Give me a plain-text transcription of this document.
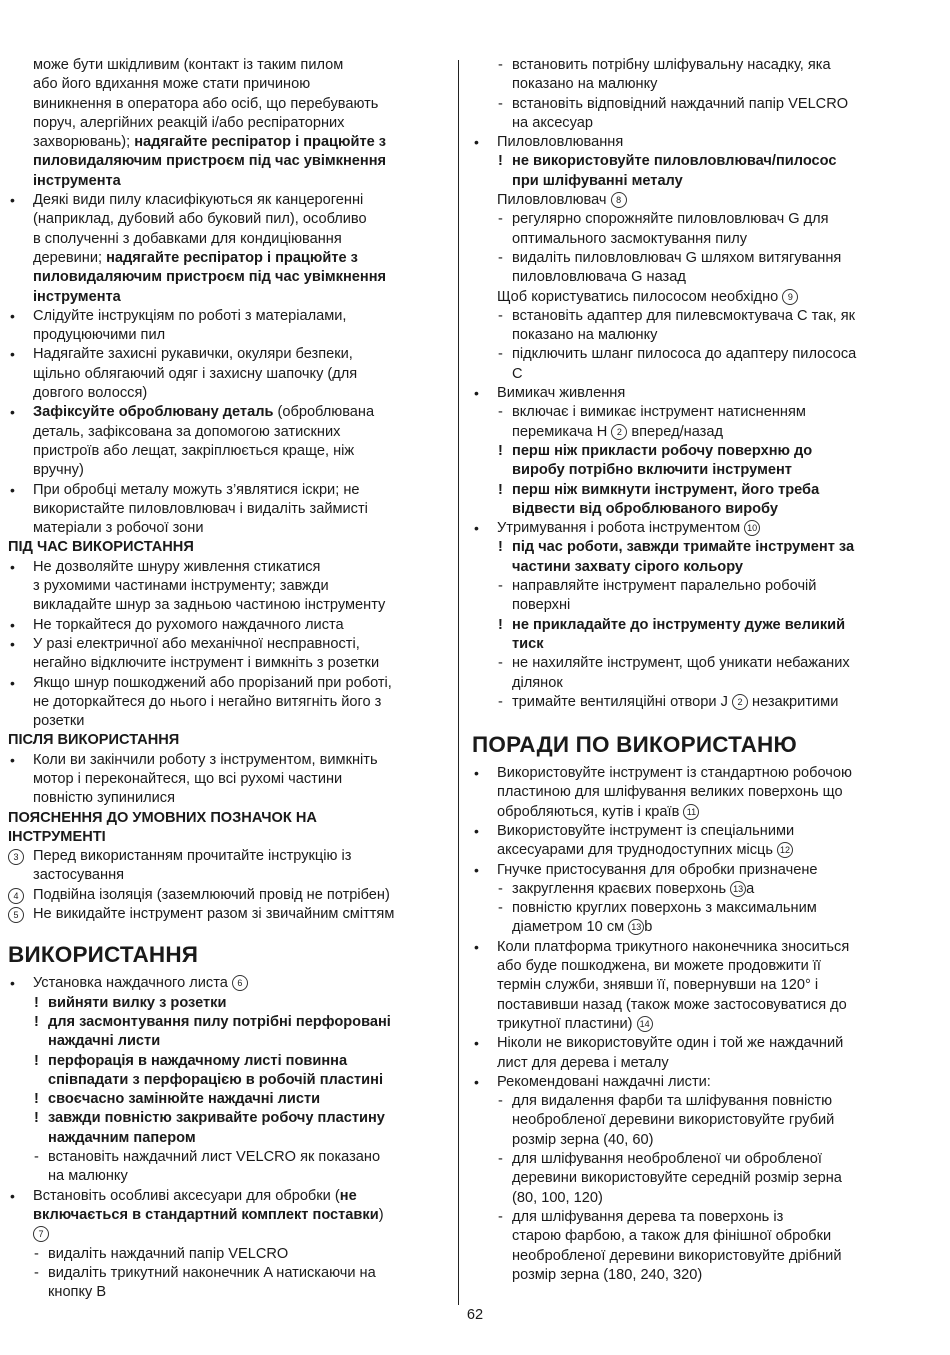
може бути шкідливим (контакт із таким пилом
або його вдихання може стати причиною
виникнення в оператора або осіб, що перебувають
поруч, алергійних реакцій і/або респіраторних
захворювань); надягайте респіратор і працюйте з
пиловидаляючим пристроєм під час увімкнення
інструмента
•	Деякі види пилу класифікуються як канцерогенні
(наприклад, дубовий або буковий пил), особливо
в сполученні з добавками для кондиціювання
деревини; надягайте респіратор і працюйте з
пиловидаляючим пристроєм під час увімкнення
інструмента
•	Слідуйте інструкціям по роботі з матеріалами,
продуцюючими пил
•	Надягайте захисні рукавички, окуляри безпеки,
щільно облягаючий одяг і захисну шапочку (для
довгого волосся)
•	Зафіксуйте оброблювану деталь (оброблювана
деталь, зафіксована за допомогою затискних
пристроїв або лещат, закріплюється краще, ніж
вручну)
•	При обробці металу можуть з’являтися іскри; не
використайте пиловловлювач і видаліть займисті
матеріали з робочої зони
ПІД ЧАС ВИКОРИСТАННЯ
•	Не дозволяйте шнуру живлення стикатися
з рухомими частинами інструменту; завжди
викладайте шнур за задньою частиною інструменту
•	Не торкайтеся до рухомого наждачного листа
•	У разі електричної або механічної несправності,
негайно відключите інструмент і вимкніть з розетки
•	Якщо шнур пошкоджений або прорізаний при роботі,
не доторкайтеся до нього і негайно витягніть його з
розетки
ПІСЛЯ ВИКОРИСТАННЯ
•	Коли ви закінчили роботу з інструментом, вимкніть
мотор і переконайтеся, що всі рухомі частини
повністю зупинилися
ПОЯСНЕННЯ ДО УМОВНИХ ПОЗНАЧОК НА
ІНСТРУМЕНТІ
3 Перед використанням прочитайте інструкцію із
застосування
4 Подвійна ізоляція (заземлюючий провід не потрібен)
5 Не викидайте інструмент разом зі звичайним сміттям
ВИКОРИСТАННЯ
•	Установка наждачного листа 6
! вийняти вилку з розетки
! для засмонтування пилу потрібні перфоровані
наждачні листи
! перфорація в наждачному листі повинна
співпадати з перфорацією в робочій пластині
! своєчасно замінюйте наждачні листи
! завжди повністю закривайте робочу пластину
наждачним папером
- встановіть наждачний лист VELCRO як показано
на малюнку
•	Встановіть особливі аксесуари для обробки (не
включається в стандартний комплект поставки)
7
- видаліть наждачний папір VELCRO
- видаліть трикутний наконечник A натискаючи на
кнопку B
- встановить потрібну шліфувальну насадку, яка
показано на малюнку
- встановіть відповідний наждачний папір VELCRO
на аксесуар
•	Пиловловлювання
! не використовуйте пиловловлювач/пилосос
при шліфуванні металу
Пиловловлювач 8
- регулярно спорожняйте пиловловлювач G для
оптимального засмоктування пилу
- видаліть пиловловлювач G шляхом витягування
пиловловлювача G назад
Щоб користуватись пилососом необхідно 9
- встановіть адаптер для пилевсмоктувача C так, як
показано на малюнку
- підключить шланг пилососа до адаптеру пилососа
C
•	Вимикач живлення
- включає і вимикає інструмент натисненням
перемикача H 2 вперед/назад
! перш ніж прикласти робочу поверхню до
виробу потрібно включити інструмент
! перш ніж вимкнути інструмент, його треба
відвести від оброблюваного виробу
•	Утримування і робота інструментом 10
! під час роботи, завжди тримайте інструмент за
частини захвату сірого кольору
- направляйте інструмент паралельно робочій
поверхні
! не прикладайте до інструменту дуже великий
тиск
- не нахиляйте інструмент, щоб уникати небажаних
ділянок
- тримайте вентиляційні отвори J 2 незакритими
ПОРАДИ ПО ВИКОРИСТАНЮ
•	Використовуйте інструмент із стандартною робочою
пластиною для шліфування великих поверхонь що
обробляються, кутів і країв 11
•	Використовуйте інструмент із спеціальними
аксесуарами для труднодоступних місць 12
•	Гнучке пристосування для обробки призначене
- закруглення краєвих поверхонь 13 a
- повністю круглих поверхонь з максимальним
діаметром 10 см 13 b
•	Коли платформа трикутного наконечника зноситься
або буде пошкоджена, ви можете продовжити її
термін служби, знявши її, повернувши на 120° і
поставивши назад (також може застосовуватися до
трикутної пластини) 14
•	Ніколи не використовуйте один і той же наждачний
лист для дерева і металу
•	Рекомендовані наждачні листи:
- для видалення фарби та шліфування повністю
необробленої деревини використовуйте грубий
розмір зерна (40, 60)
- для шліфування необробленої чи обробленої
деревини використовуйте середній розмір зерна
(80, 100, 120)
- для шліфування дерева та поверхонь із
старою фарбою, а також для фінішної обробки
необробленої деревини використовуйте дрібний
розмір зерна (180, 240, 320)
62
